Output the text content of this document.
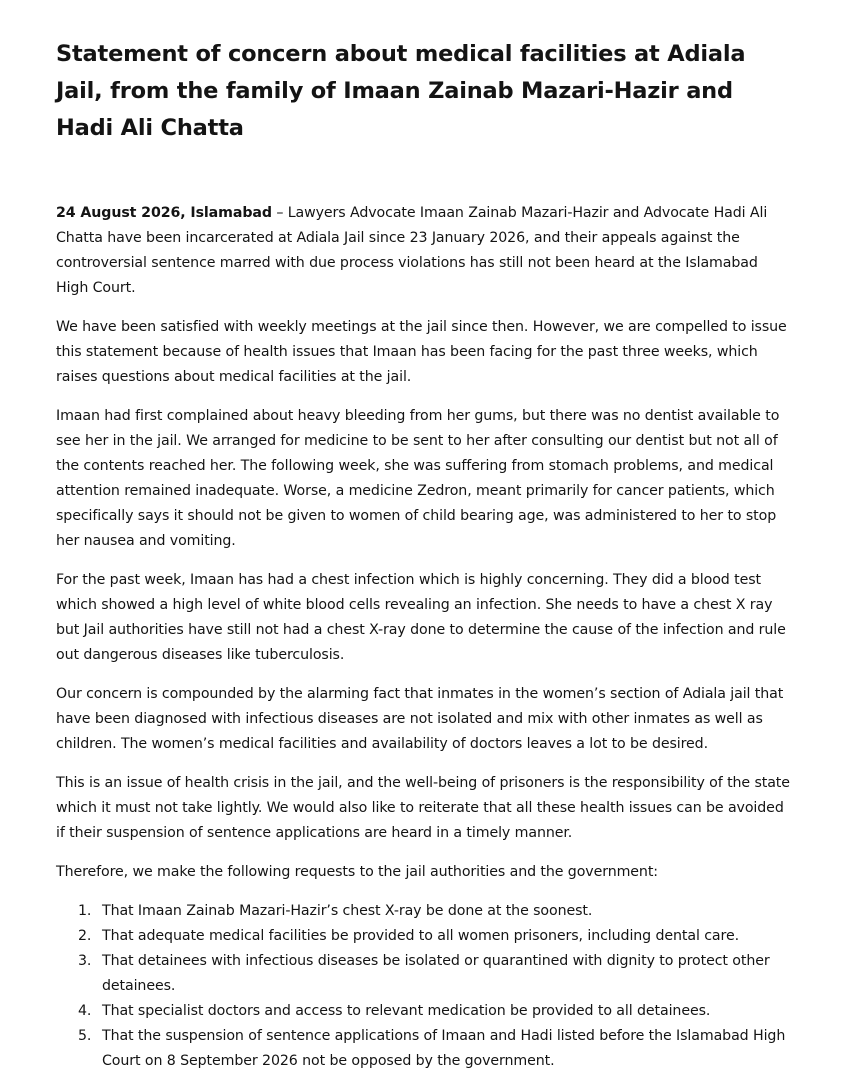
Statement of concern about medical facilities at Adiala Jail, from the family of Imaan Zainab Mazari-Hazir and Hadi Ali Chatta

24 August 2026, Islamabad – Lawyers Advocate Imaan Zainab Mazari-Hazir and Advocate Hadi Ali Chatta have been incarcerated at Adiala Jail since 23 January 2026, and their appeals against the controversial sentence marred with due process violations has still not been heard at the Islamabad High Court.

We have been satisfied with weekly meetings at the jail since then. However, we are compelled to issue this statement because of health issues that Imaan has been facing for the past three weeks, which raises questions about medical facilities at the jail.

Imaan had first complained about heavy bleeding from her gums, but there was no dentist available to see her in the jail. We arranged for medicine to be sent to her after consulting our dentist but not all of the contents reached her. The following week, she was suffering from stomach problems, and medical attention remained inadequate. Worse, a medicine Zedron, meant primarily for cancer patients, which specifically says it should not be given to women of child bearing age, was administered to her to stop her nausea and vomiting.

For the past week, Imaan has had a chest infection which is highly concerning. They did a blood test which showed a high level of white blood cells revealing an infection. She needs to have a chest X ray but Jail authorities have still not had a chest X-ray done to determine the cause of the infection and rule out dangerous diseases like tuberculosis.

Our concern is compounded by the alarming fact that inmates in the women’s section of Adiala jail that have been diagnosed with infectious diseases are not isolated and mix with other inmates as well as children. The women’s medical facilities and availability of doctors leaves a lot to be desired.

This is an issue of health crisis in the jail, and the well-being of prisoners is the responsibility of the state which it must not take lightly. We would also like to reiterate that all these health issues can be avoided if their suspension of sentence applications are heard in a timely manner.

Therefore, we make the following requests to the jail authorities and the government:

1. That Imaan Zainab Mazari-Hazir’s chest X-ray be done at the soonest.
2. That adequate medical facilities be provided to all women prisoners, including dental care.
3. That detainees with infectious diseases be isolated or quarantined with dignity to protect other detainees.
4. That specialist doctors and access to relevant medication be provided to all detainees.
5. That the suspension of sentence applications of Imaan and Hadi listed before the Islamabad High Court on 8 September 2026 not be opposed by the government.
